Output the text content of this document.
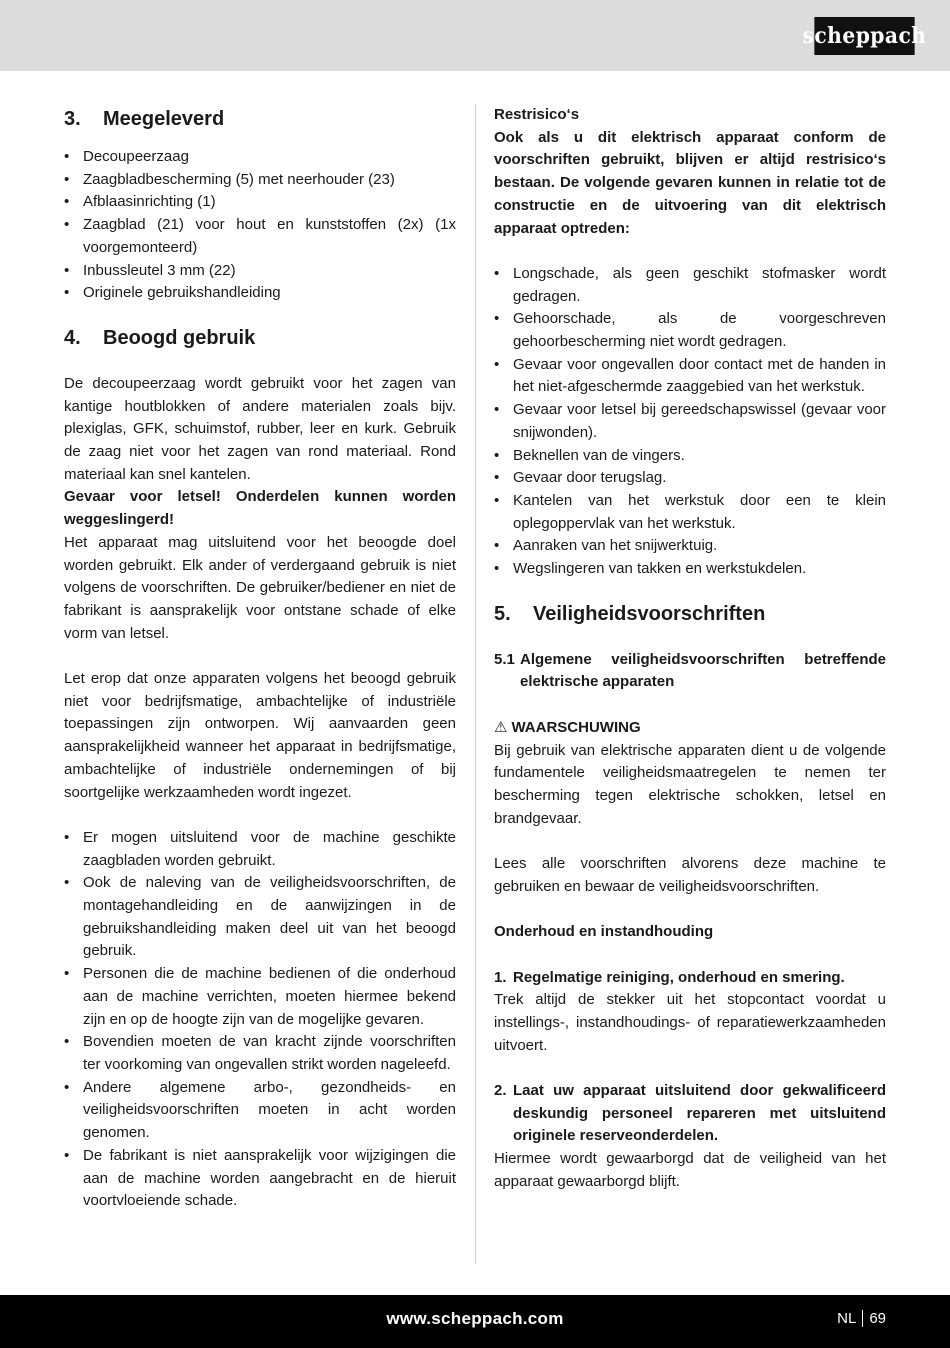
scheppach
3.	Meegeleverd
• Decoupeerzaag
• Zaagbladbescherming (5) met neerhouder (23)
• Afblaasinrichting (1)
• Zaagblad (21) voor hout en kunststoffen (2x) (1x voorgemonteerd)
• Inbussleutel 3 mm (22)
• Originele gebruikshandleiding
4.	Beoogd gebruik

De decoupeerzaag wordt gebruikt voor het zagen van kantige houtblokken of andere materialen zoals bijv. plexiglas, GFK, schuimstof, rubber, leer en kurk. Gebruik de zaag niet voor het zagen van rond materiaal. Rond materiaal kan snel kantelen.

Gevaar voor letsel! Onderdelen kunnen worden weggeslingerd!

Het apparaat mag uitsluitend voor het beoogde doel worden gebruikt. Elk ander of verdergaand gebruik is niet volgens de voorschriften. De gebruiker/bediener en niet de fabrikant is aansprakelijk voor ontstane schade of elke vorm van letsel.

Let erop dat onze apparaten volgens het beoogd gebruik niet voor bedrijfsmatige, ambachtelijke of industriële toepassingen zijn ontworpen. Wij aanvaarden geen aansprakelijkheid wanneer het apparaat in bedrijfsmatige, ambachtelijke of industriële ondernemingen of bij soortgelijke werkzaamheden wordt ingezet.

• Er mogen uitsluitend voor de machine geschikte zaagbladen worden gebruikt.
• Ook de naleving van de veiligheidsvoorschriften, de montagehandleiding en de aanwijzingen in de gebruikshandleiding maken deel uit van het beoogd gebruik.
• Personen die de machine bedienen of die onderhoud aan de machine verrichten, moeten hiermee bekend zijn en op de hoogte zijn van de mogelijke gevaren.
• Bovendien moeten de van kracht zijnde voorschriften ter voorkoming van ongevallen strikt worden nageleefd.
• Andere algemene arbo-, gezondheids- en veiligheidsvoorschriften moeten in acht worden genomen.
• De fabrikant is niet aansprakelijk voor wijzigingen die aan de machine worden aangebracht en de hieruit voortvloeiende schade.

Restrisico‘s

Ook als u dit elektrisch apparaat conform de voorschriften gebruikt, blijven er altijd restrisico‘s bestaan. De volgende gevaren kunnen in relatie tot de constructie en de uitvoering van dit elektrisch apparaat optreden:

• Longschade, als geen geschikt stofmasker wordt gedragen.
• Gehoorschade, als de voorgeschreven gehoorbescherming niet wordt gedragen.
• Gevaar voor ongevallen door contact met de handen in het niet-afgeschermde zaaggebied van het werkstuk.
• Gevaar voor letsel bij gereedschapswissel (gevaar voor snijwonden).
• Beknellen van de vingers.
• Gevaar door terugslag.
• Kantelen van het werkstuk door een te klein oplegoppervlak van het werkstuk.
• Aanraken van het snijwerktuig.
• Wegslingeren van takken en werkstukdelen.
5.	Veiligheidsvoorschriften
5.1 Algemene veiligheidsvoorschriften betreffende elektrische apparaten
⚠ WAARSCHUWING

Bij gebruik van elektrische apparaten dient u de volgende fundamentele veiligheidsmaatregelen te nemen ter bescherming tegen elektrische schokken, letsel en brandgevaar.

Lees alle voorschriften alvorens deze machine te gebruiken en bewaar de veiligheidsvoorschriften.

Onderhoud en instandhouding

1. Regelmatige reiniging, onderhoud en smering.

Trek altijd de stekker uit het stopcontact voordat u instellings-, instandhoudings- of reparatiewerkzaamheden uitvoert.

2. Laat uw apparaat uitsluitend door gekwalificeerd deskundig personeel repareren met uitsluitend originele reserveonderdelen.

Hiermee wordt gewaarborgd dat de veiligheid van het apparaat gewaarborgd blijft.

www.scheppach.com	NL 69
